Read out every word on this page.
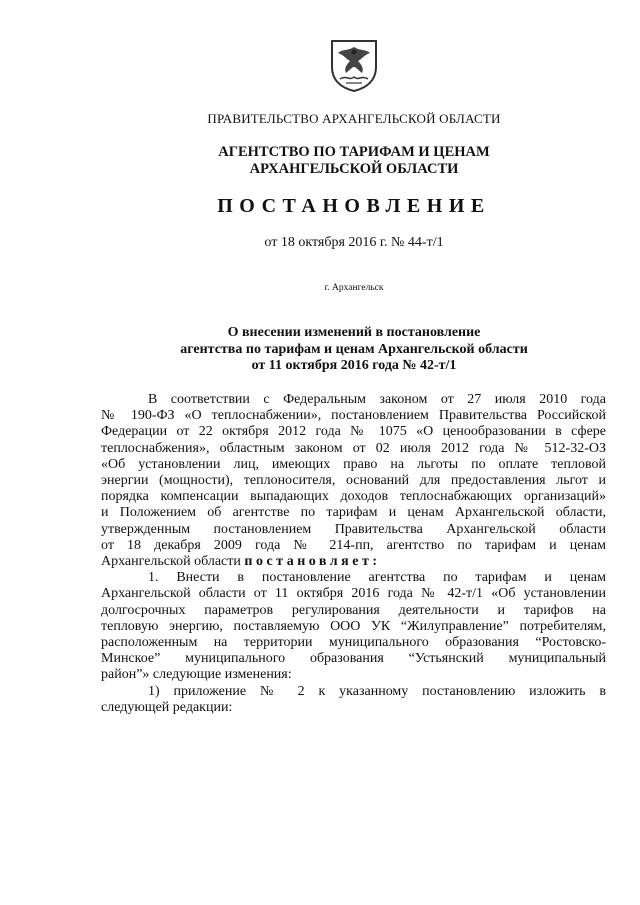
ПРАВИТЕЛЬСТВО АРХАНГЕЛЬСКОЙ ОБЛАСТИ
АГЕНТСТВО ПО ТАРИФАМ И ЦЕНАМ
АРХАНГЕЛЬСКОЙ ОБЛАСТИ
ПОСТАНОВЛЕНИЕ
от 18 октября 2016 г. № 44-т/1
г. Архангельск
О внесении изменений в постановление
агентства по тарифам и ценам Архангельской области
от 11 октября 2016 года № 42-т/1
В соответствии с Федеральным законом от 27 июля 2010 года
№ 190-ФЗ «О теплоснабжении», постановлением Правительства Российской
Федерации от 22 октября 2012 года № 1075 «О ценообразовании в сфере
теплоснабжения», областным законом от 02 июля 2012 года № 512-32-ОЗ
«Об установлении лиц, имеющих право на льготы по оплате тепловой
энергии (мощности), теплоносителя, оснований для предоставления льгот и
порядка компенсации выпадающих доходов теплоснабжающих организаций»
и Положением об агентстве по тарифам и ценам Архангельской области,
утвержденным постановлением Правительства Архангельской области
от 18 декабря 2009 года № 214-пп, агентство по тарифам и ценам
Архангельской области постановляет:
1. Внести в постановление агентства по тарифам и ценам
Архангельской области от 11 октября 2016 года № 42-т/1 «Об установлении
долгосрочных параметров регулирования деятельности и тарифов на
тепловую энергию, поставляемую ООО УК “Жилуправление” потребителям,
расположенным на территории муниципального образования “Ростовско-
Минское” муниципального образования “Устьянский муниципальный
район”» следующие изменения:
1) приложение № 2 к указанному постановлению изложить в
следующей редакции:
